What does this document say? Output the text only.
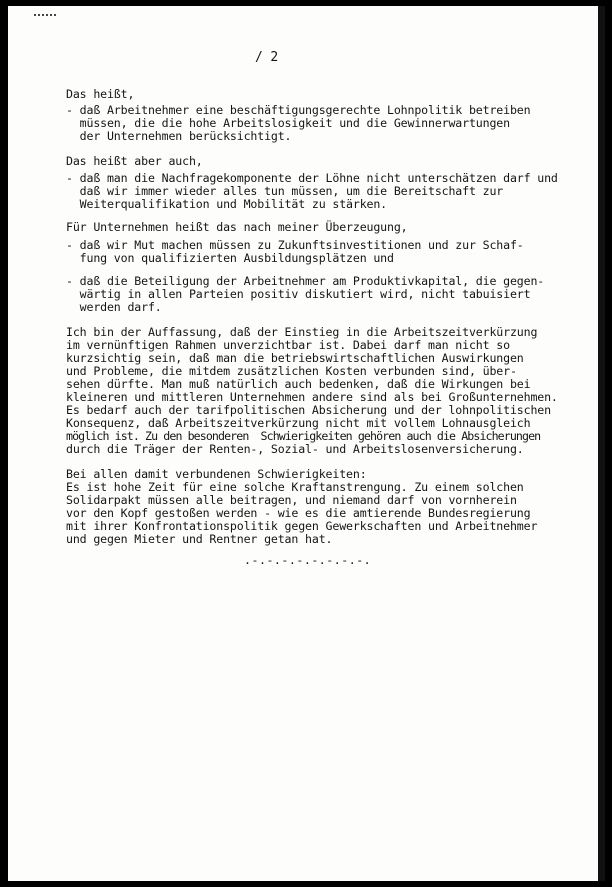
/ 2
Das heißt,
- daß Arbeitnehmer eine beschäftigungsgerechte Lohnpolitik betreiben
müssen, die die hohe Arbeitslosigkeit und die Gewinnerwartungen
der Unternehmen berücksichtigt.
Das heißt aber auch,
- daß man die Nachfragekomponente der Löhne nicht unterschätzen darf und
daß wir immer wieder alles tun müssen, um die Bereitschaft zur
Weiterqualifikation und Mobilität zu stärken.
Für Unternehmen heißt das nach meiner Überzeugung,
- daß wir Mut machen müssen zu Zukunftsinvestitionen und zur Schaf-
fung von qualifizierten Ausbildungsplätzen und
- daß die Beteiligung der Arbeitnehmer am Produktivkapital, die gegen-
wärtig in allen Parteien positiv diskutiert wird, nicht tabuisiert
werden darf.
Ich bin der Auffassung, daß der Einstieg in die Arbeitszeitverkürzung
im vernünftigen Rahmen unverzichtbar ist. Dabei darf man nicht so
kurzsichtig sein, daß man die betriebswirtschaftlichen Auswirkungen
und Probleme, die mitdem zusätzlichen Kosten verbunden sind, über-
sehen dürfte. Man muß natürlich auch bedenken, daß die Wirkungen bei
kleineren und mittleren Unternehmen andere sind als bei Großunternehmen.
Es bedarf auch der tarifpolitischen Absicherung und der lohnpolitischen
Konsequenz, daß Arbeitszeitverkürzung nicht mit vollem Lohnausgleich
möglich ist. Zu den besonderen  Schwierigkeiten gehören auch die Absicherungen
durch die Träger der Renten-, Sozial- und Arbeitslosenversicherung.
Bei allen damit verbundenen Schwierigkeiten:
Es ist hohe Zeit für eine solche Kraftanstrengung. Zu einem solchen
Solidarpakt müssen alle beitragen, und niemand darf von vornherein
vor den Kopf gestoßen werden - wie es die amtierende Bundesregierung
mit ihrer Konfrontationspolitik gegen Gewerkschaften und Arbeitnehmer
und gegen Mieter und Rentner getan hat.
.-.-.-.-.-.-.-.-.
